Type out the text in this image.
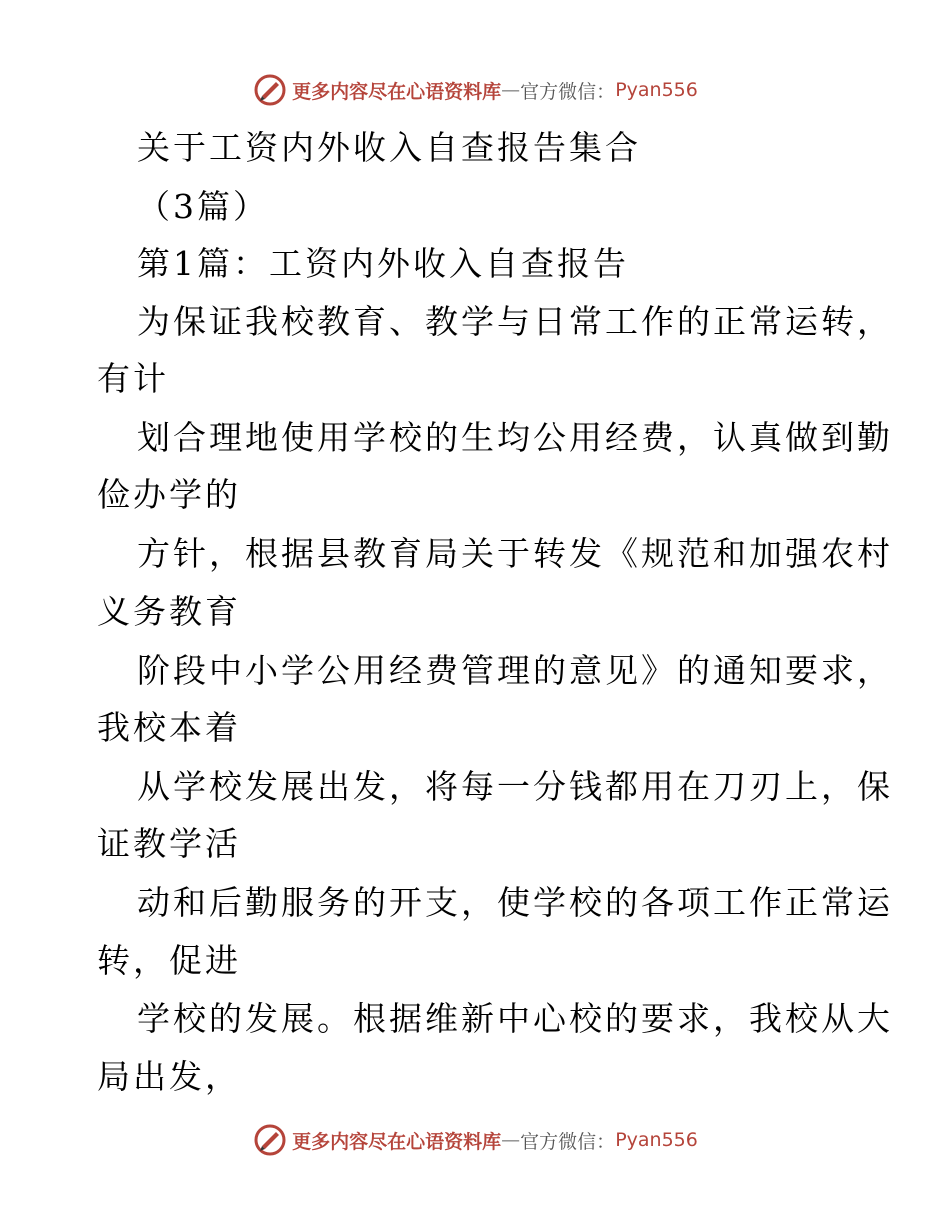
更多内容尽在心语资料库 — 官方微信： Pyan556
关于工资内外收入自查报告集合
（3篇）
第1篇：工资内外收入自查报告
为保证我校教育、教学与日常工作的正常运转，
有计
划合理地使用学校的生均公用经费，认真做到勤
俭办学的
方针，根据县教育局关于转发《规范和加强农村
义务教育
阶段中小学公用经费管理的意见》的通知要求，
我校本着
从学校发展出发，将每一分钱都用在刀刃上，保
证教学活
动和后勤服务的开支，使学校的各项工作正常运
转，促进
学校的发展。根据维新中心校的要求，我校从大
局出发，
更多内容尽在心语资料库 — 官方微信： Pyan556
